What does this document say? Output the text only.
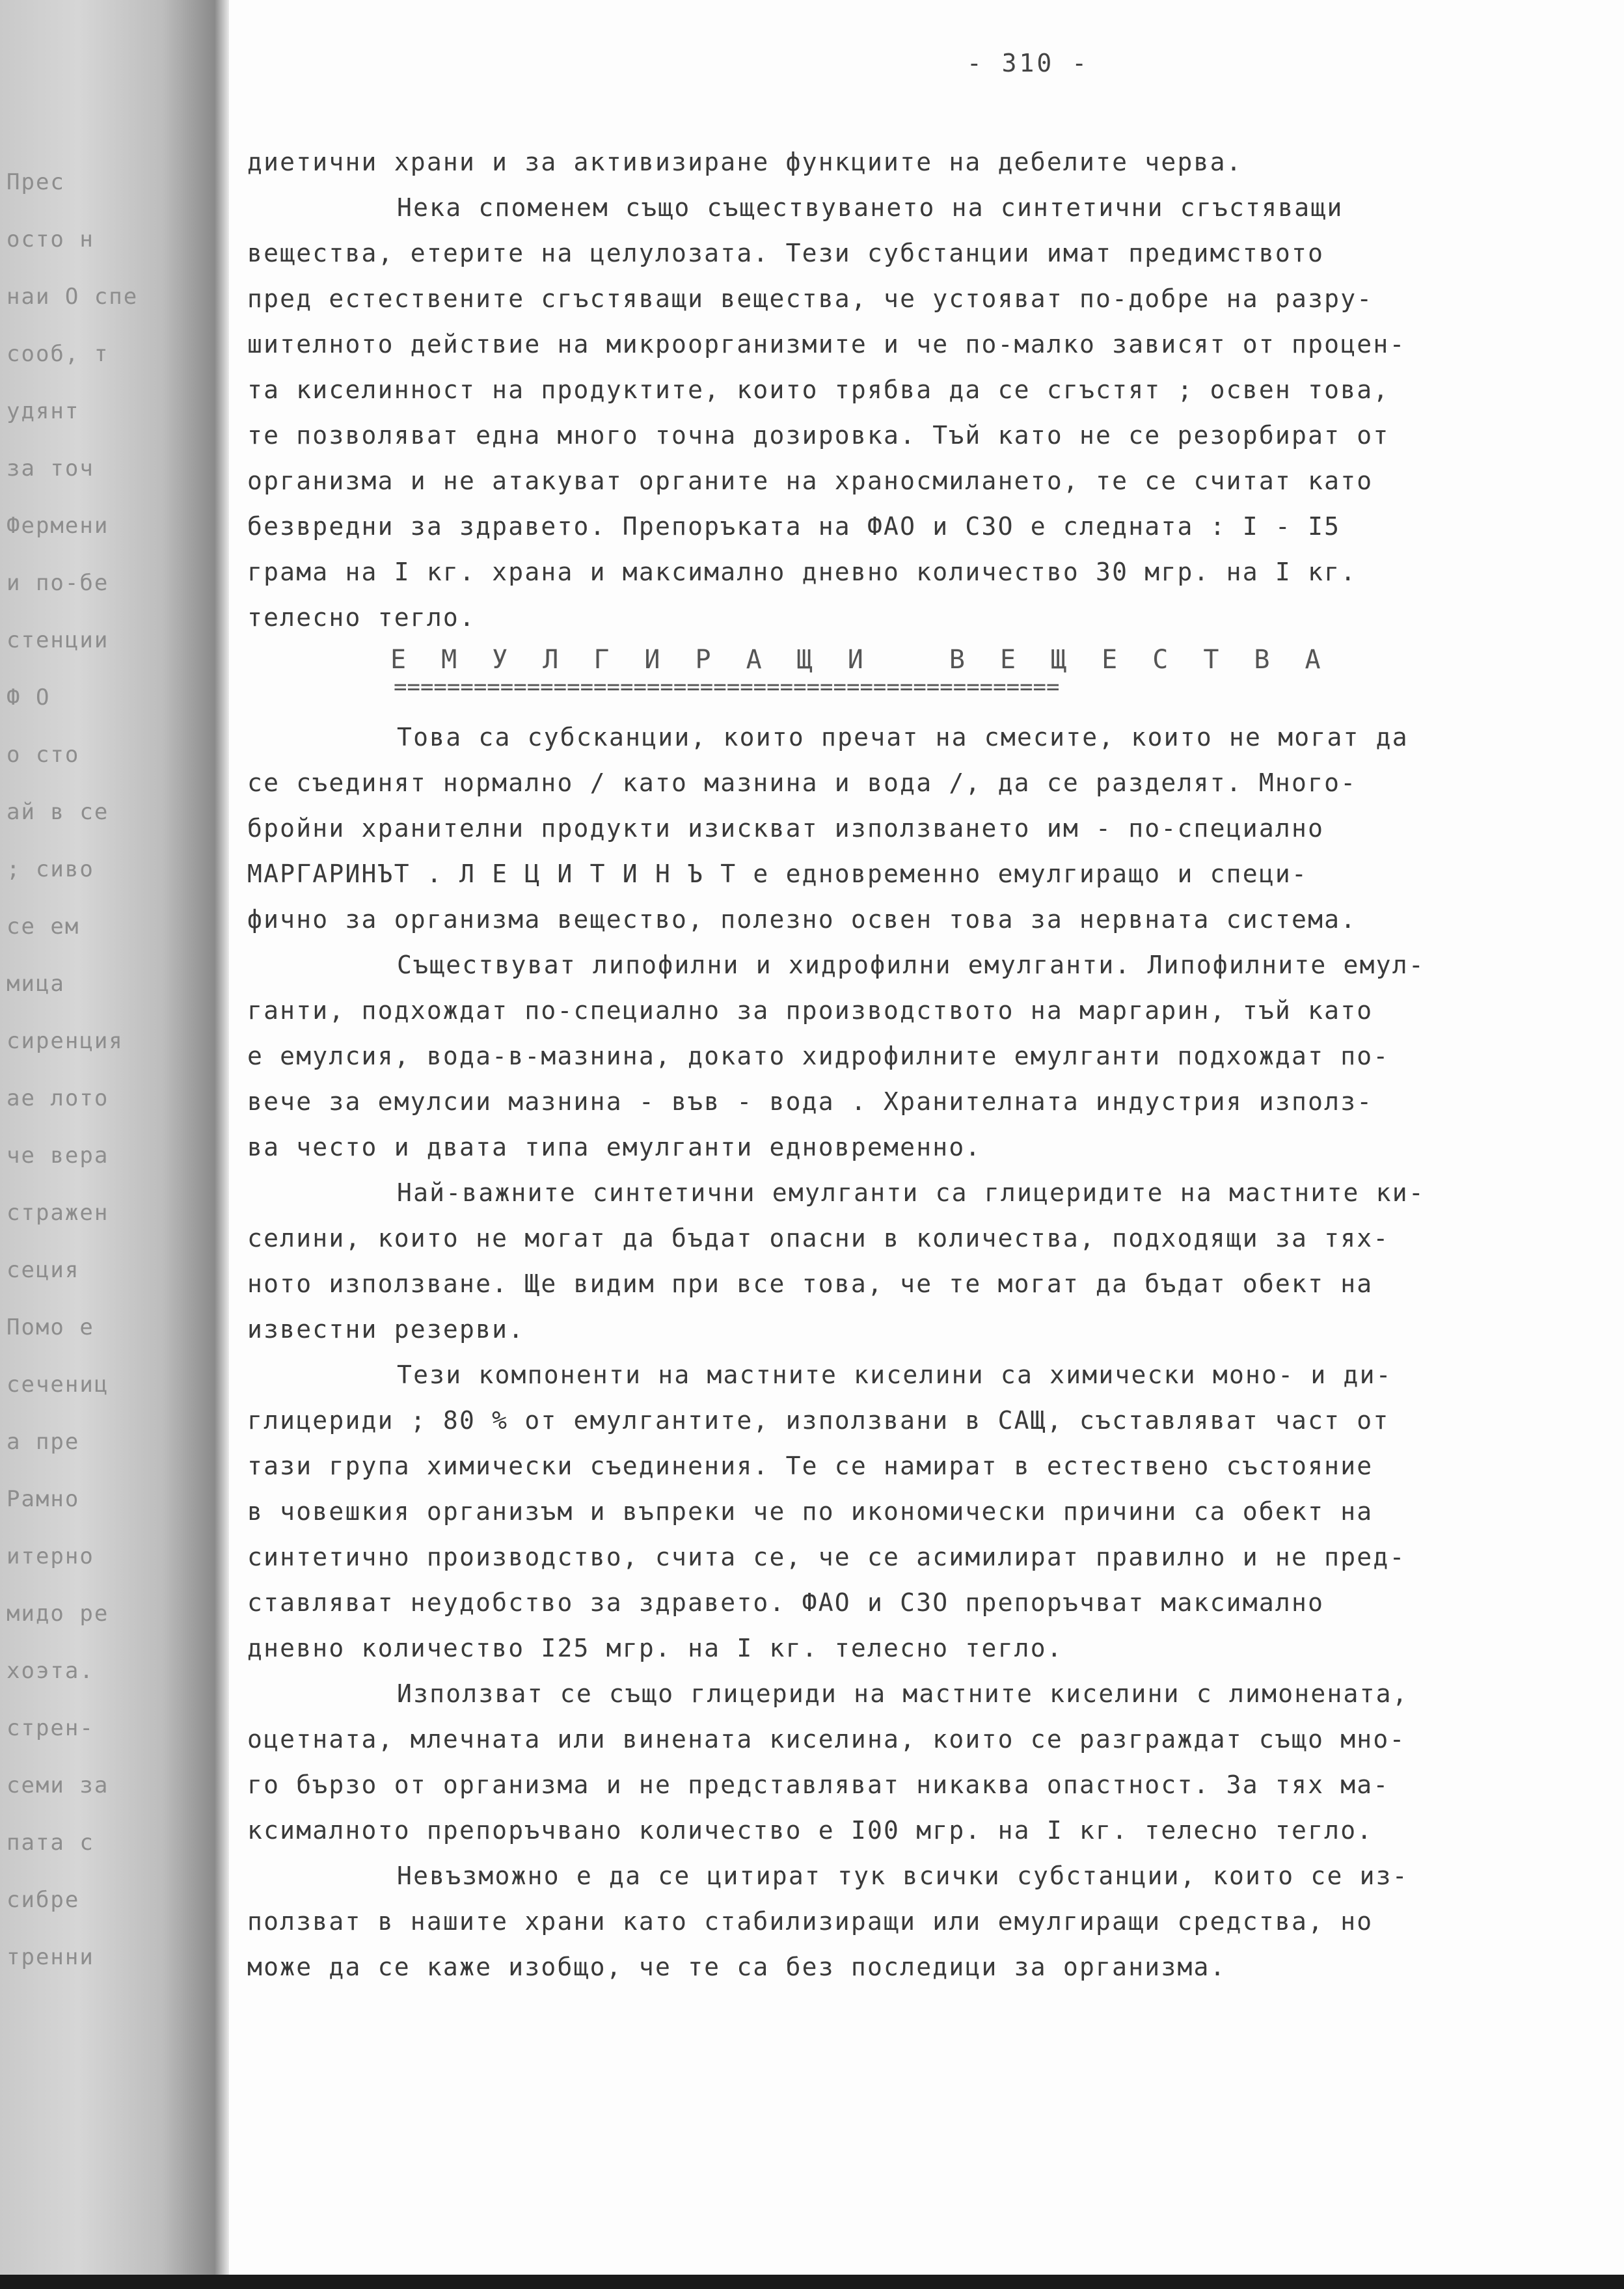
Прес
осто н
наи О спе
сооб, т
удянт
за точ
Фермени
и по-бе
стенции
Ф О
о сто
ай в се
; сиво
се ем
мица
сиренция
ае лото
че вера
стражен
сеция
Помо е
сечениц
а пре
Рамно
итерно
мидо ре
хоэта.
стрен-
семи за
пата с
сибре
тренни
- 310 -

диетични храни и за активизиране функциите на дебелите черва.

Нека споменем също съществуването на синтетични сгъстяващи

вещества, етерите на целулозата. Тези субстанции имат предимството

пред естествените сгъстяващи вещества, че устояват по-добре на разру-

шителното действие на микроорганизмите и че по-малко зависят от процен-

та киселинност на продуктите, които трябва да се сгъстят ; освен това,

те позволяват една много точна дозировка. Тъй като не се резорбират от

организма и не атакуват органите на храносмилането, те се считат като

безвредни за здравето. Препоръката на ФАО и СЗО е следната : I - I5

грама на I кг. храна и максимално дневно количество 30 мгр. на I кг.

телесно тегло.

ЕМУЛГИРАЩИ ВЕЩЕСТВА
==================================================

Това са субсканции, които пречат на смесите, които не могат да

се съединят нормално / като мазнина и вода /, да се разделят. Много-

бройни хранителни продукти изискват използването им - по-специално

МАРГАРИНЪТ . Л Е Ц И Т И Н Ъ Т е едновременно емулгиращо и специ-

фично за организма вещество, полезно освен това за нервната система.

Съществуват липофилни и хидрофилни емулганти. Липофилните емул-

ганти, подхождат по-специално за производството на маргарин, тъй като

е емулсия, вода-в-мазнина, докато хидрофилните емулганти подхождат по-

вече за емулсии мазнина - във - вода . Хранителната индустрия използ-

ва често и двата типа емулганти едновременно.

Най-важните синтетични емулганти са глицеридите на мастните ки-

селини, които не могат да бъдат опасни в количества, подходящи за тях-

ното използване. Ще видим при все това, че те могат да бъдат обект на

известни резерви.

Тези компоненти на мастните киселини са химически моно- и ди-

глицериди ; 80 % от емулгантите, използвани в САЩ, съставляват част от

тази група химически съединения. Те се намират в естествено състояние

в човешкия организъм и въпреки че по икономически причини са обект на

синтетично производство, счита се, че се асимилират правилно и не пред-

ставляват неудобство за здравето. ФАО и СЗО препоръчват максимално

дневно количество I25 мгр. на I кг. телесно тегло.

Използват се също глицериди на мастните киселини с лимонената,

оцетната, млечната или винената киселина, които се разграждат също мно-

го бързо от организма и не представляват никаква опастност. За тях ма-

ксималното препоръчвано количество е I00 мгр. на I кг. телесно тегло.

Невъзможно е да се цитират тук всички субстанции, които се из-

ползват в нашите храни като стабилизиращи или емулгиращи средства, но

може да се каже изобщо, че те са без последици за организма.
